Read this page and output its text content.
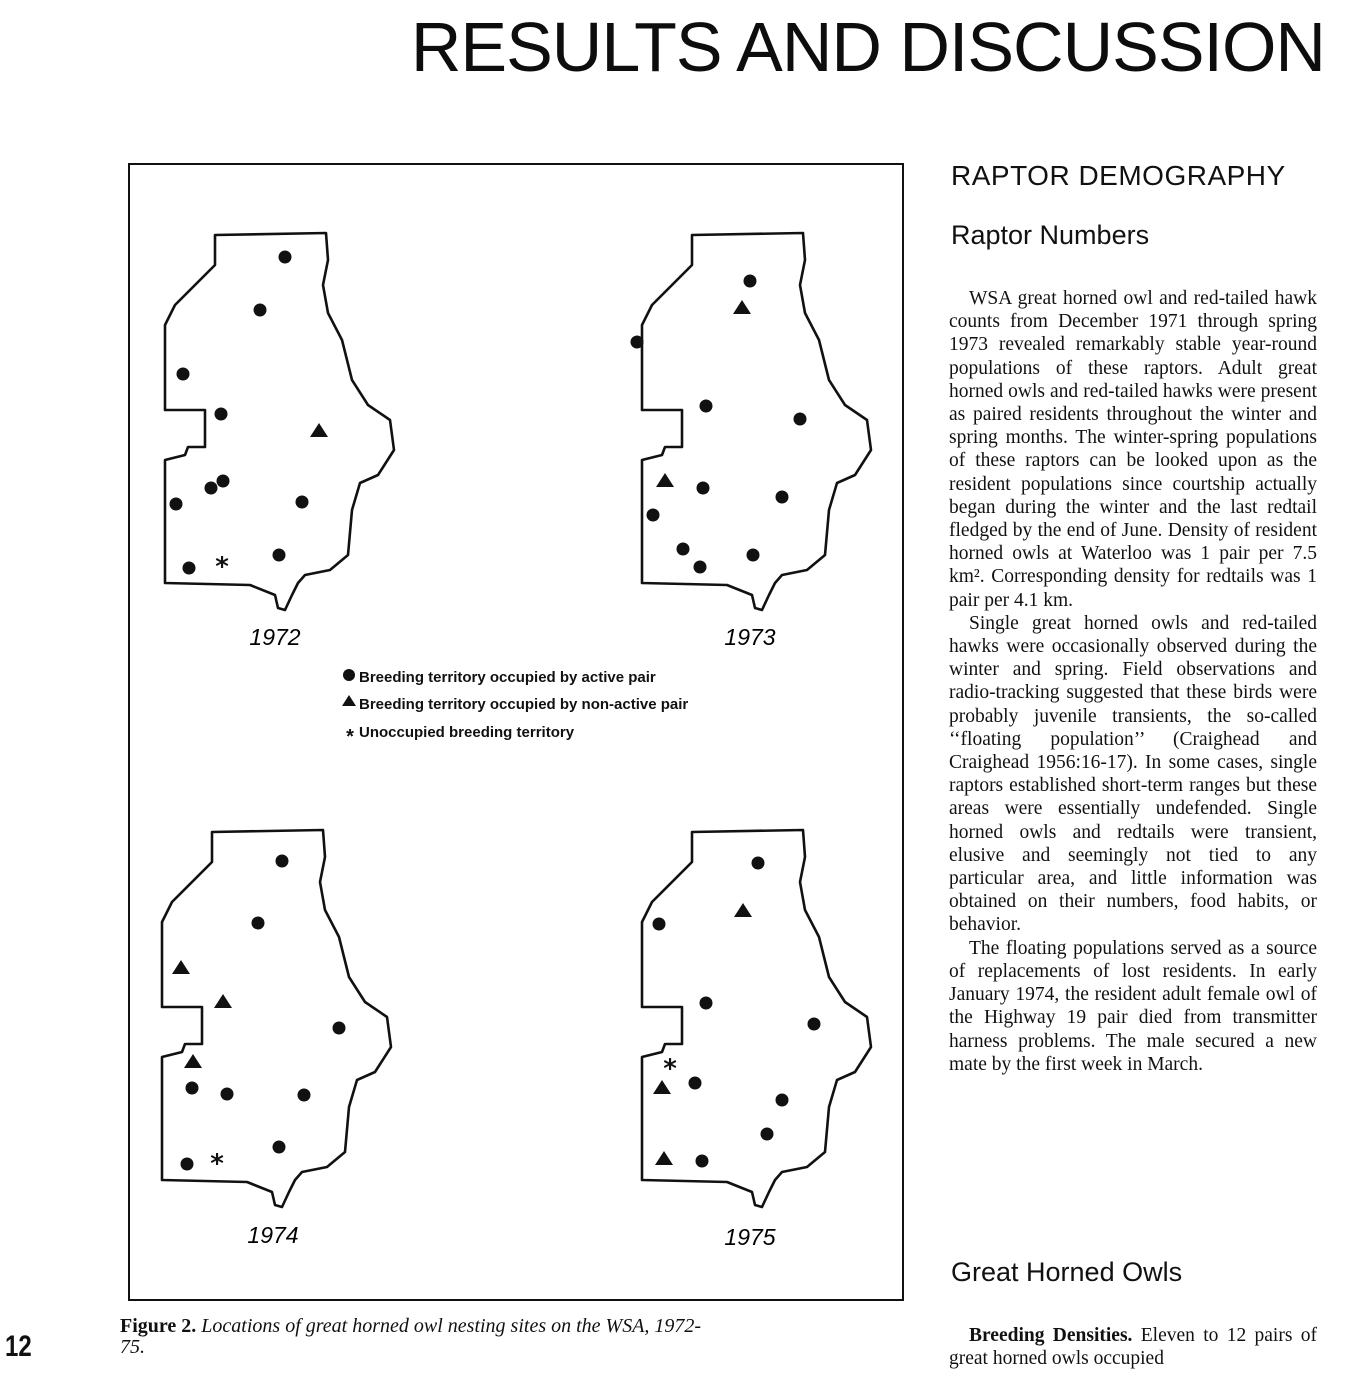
RESULTS AND DISCUSSION
*
*
*
1972	1973
1974	1975
Breeding territory occupied by active pair
Breeding territory occupied by non-active pair
* Unoccupied breeding territory
Figure 2. Locations of great horned owl nesting sites on the WSA, 1972-75.
12
RAPTOR DEMOGRAPHY
Raptor Numbers

WSA great horned owl and red-tailed hawk counts from December 1971 through spring 1973 revealed remarkably stable year-round populations of these raptors. Adult great horned owls and red-tailed hawks were present as paired residents throughout the winter and spring months. The winter-spring populations of these raptors can be looked upon as the resident populations since courtship actually began during the winter and the last redtail fledged by the end of June. Density of resident horned owls at Waterloo was 1 pair per 7.5 km². Corresponding density for redtails was 1 pair per 4.1 km.

Single great horned owls and red-tailed hawks were occasionally observed during the winter and spring. Field observations and radio-tracking suggested that these birds were probably juvenile transients, the so-called ‘‘floating population’’ (Craighead and Craighead 1956:16-17). In some cases, single raptors established short-term ranges but these areas were essentially undefended. Single horned owls and redtails were transient, elusive and seemingly not tied to any particular area, and little information was obtained on their numbers, food habits, or behavior.

The floating populations served as a source of replacements of lost residents. In early January 1974, the resident adult female owl of the Highway 19 pair died from transmitter harness problems. The male secured a new mate by the first week in March.

Great Horned Owls

Breeding Densities. Eleven to 12 pairs of great horned owls occupied
